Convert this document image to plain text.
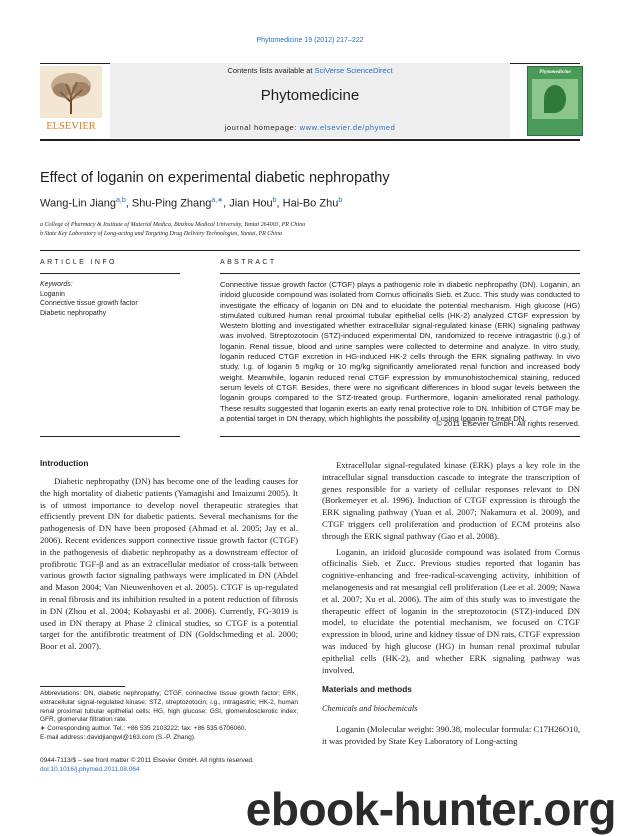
Phytomedicine 19 (2012) 217–222
Contents lists available at SciVerse ScienceDirect
Phytomedicine
journal homepage: www.elsevier.de/phymed
ELSEVIER
Phytomedicine
Effect of loganin on experimental diabetic nephropathy
Wang-Lin Jiang$^{a,b}$, Shu-Ping Zhang$^{a,∗}$, Jian Hou$^b$, Hai-Bo Zhu$^b$
a College of Pharmacy & Institute of Material Medica, Binzhou Medical University, Yantai 264003, PR China
b State Key Laboratory of Long-acting and Targeting Drug Delivery Technologies, Yantai, PR China
ARTICLE INFO
Keywords:
Loganin
Connective tissue growth factor
Diabetic nephropathy
ABSTRACT
Connective tissue growth factor (CTGF) plays a pathogenic role in diabetic nephropathy (DN). Loganin, an iridoid glucoside compound was isolated from Cornus officinalis Sieb. et Zucc. This study was conducted to investigate the efficacy of loganin on DN and to elucidate the potential mechanism. High glucose (HG) stimulated cultured human renal proximal tubular epithelial cells (HK-2) analyzed CTGF expression by Western blotting and investigated whether extracellular signal-regulated kinase (ERK) signaling pathway was involved. Streptozotocin (STZ)-induced experimental DN, randomized to receive intragastric (i.g.) of loganin. Renal tissue, blood and urine samples were collected to determine and analyze. In vitro study, loganin reduced CTGF excretion in HG-induced HK-2 cells through the ERK signaling pathway. In vivo study, I.g. of loganin 5 mg/kg or 10 mg/kg significantly ameliorated renal function and increased body weight. Meanwhile, loganin reduced renal CTGF expression by immunohistochemical staining, reduced serum levels of CTGF. Besides, there were no significant differences in blood sugar levels between the loganin groups compared to the STZ-treated group. Furthermore, loganin ameliorated renal pathology. These results suggested that loganin exerts an early renal protective role to DN. Inhibition of CTGF may be a potential target in DN therapy, which highlights the possibility of using loganin to treat DN.
© 2011 Elsevier GmbH. All rights reserved.
Introduction

Diabetic nephropathy (DN) has become one of the leading causes for the high mortality of diabetic patients (Yamagishi and Imaizumi 2005). It is of utmost importance to develop novel therapeutic strategies that efficiently prevent DN for diabetic patients. Several mechanisms for the pathogenesis of DN have been proposed (Ahmad et al. 2005; Jay et al. 2006). Recent evidences support connective tissue growth factor (CTGF) in the pathogenesis of diabetic nephropathy as a downstream effector of profibrotic TGF-β and as an extracellular mediator of cross-talk between various growth factor signaling pathways were implicated in DN (Abdel and Mason 2004; Van Nieuwenhoven et al. 2005). CTGF is up-regulated in renal fibrosis and its inhibition resulted in a potent reduction of fibrosis in DN (Zhou et al. 2004; Kobayashi et al. 2006). Currently, FG-3019 is used in DN therapy at Phase 2 clinical studies, so CTGF is a potential target for the antifibrotic treatment of DN (Goldschmeding et al. 2000; Boor et al. 2007).

Abbreviations: DN, diabetic nephropathy; CTGF, connective tissue growth factor; ERK, extracellular signal-regulated kinase; STZ, streptozotocin; i.g., intragastric; HK-2, human renal proximal tubular epithelial cells; HG, high glucose; GSI, glomerulosclerotic index; GFR, glomerular filtration rate.
∗ Corresponding author. Tel.: +86 535 2103222; fax: +86 535 6706060.
E-mail address: davidjiangwl@163.com (S.-P. Zhang).
0944-7113/$ – see front matter © 2011 Elsevier GmbH. All rights reserved.
doi:10.1016/j.phymed.2011.08.064

Extracellular signal-regulated kinase (ERK) plays a key role in the intracellular signal transduction cascade to integrate the transcription of genes responsible for a variety of cellular responses relevant to DN (Borkemeyer et al. 1996). Induction of CTGF expression is through the ERK signaling pathway (Yuan et al. 2007; Nakamura et al. 2009), and CTGF triggers cell proliferation and production of ECM proteins also through the ERK signal pathway (Gao et al. 2008).

Loganin, an iridoid glucoside compound was isolated from Cornus officinalis Sieb. et Zucc. Previous studies reported that loganin has cognitive-enhancing and free-radical-scavenging activity, inhibition of melanogenesis and rat mesangial cell proliferation (Lee et al. 2009; Nawa et al. 2007; Xu et al. 2006). The aim of this study was to investigate the therapeutic effect of loganin in the streptozotocin (STZ)-induced DN model, to elucidate the potential mechanism, we focused on CTGF expression in blood, urine and kidney tissue of DN rats, CTGF expression was induced by high glucose (HG) in human renal proximal tubular epithelial cells (HK-2), and whether ERK signaling pathway was involved.

Materials and methods
Chemicals and biochemicals

Loganin (Molecular weight: 390.38, molecular formula: C17H26O10, it was provided by State Key Laboratory of Long-acting

ebook-hunter.org
